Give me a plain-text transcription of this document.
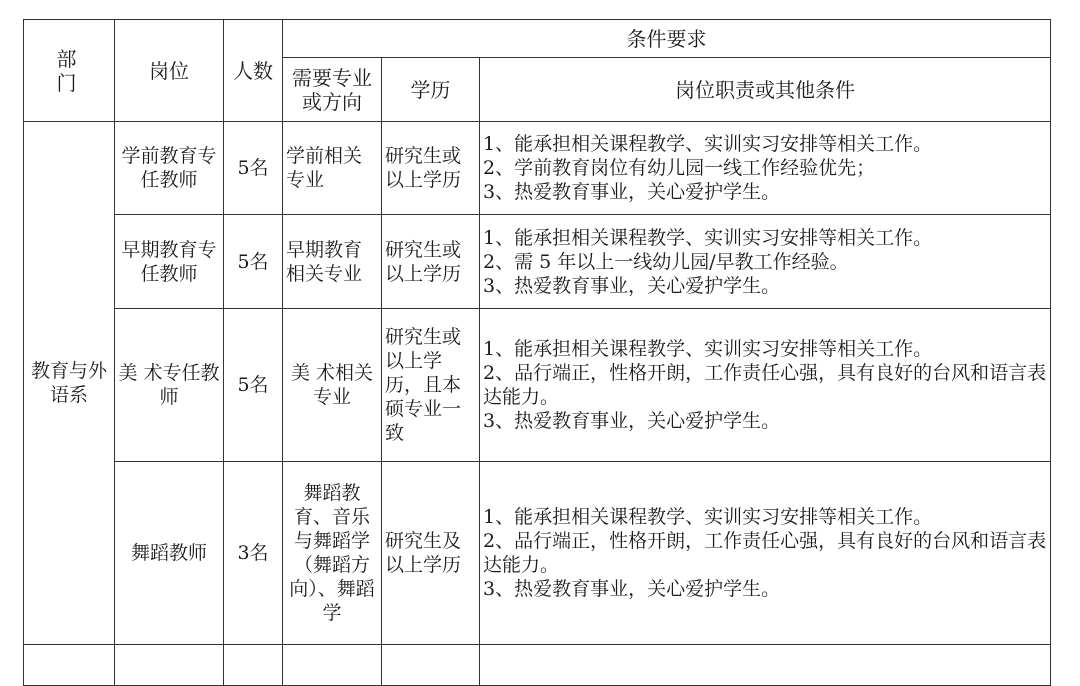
部 门	岗位	人数	条件要求		
			需要专业或方向	学历	岗位职责或其他条件
教育与外语系	学前教育专任教师	5名	学前相关专业	研究生或以上学历	1、能承担相关课程教学、实训实习安排等相关工作。
2、学前教育岗位有幼儿园一线工作经验优先；
3、热爱教育事业，关心爱护学生。

	早期教育专任教师	5名	早期教育相关专业	研究生或以上学历	1、能承担相关课程教学、实训实习安排等相关工作。
2、需 5 年以上一线幼儿园/早教工作经验。
3、热爱教育事业，关心爱护学生。

	美 术专任教师	5名	美 术相关专业	研究生或以上学历，且本硕专业一致	1、能承担相关课程教学、实训实习安排等相关工作。
2、品行端正，性格开朗，工作责任心强，具有良好的台风和语言表达能力。
3、热爱教育事业，关心爱护学生。

	舞蹈教师	3名	舞蹈教育、音乐与舞蹈学（舞蹈方向）、舞蹈学	研究生及以上学历	1、能承担相关课程教学、实训实习安排等相关工作。
2、品行端正，性格开朗，工作责任心强，具有良好的台风和语言表达能力。
3、热爱教育事业，关心爱护学生。
